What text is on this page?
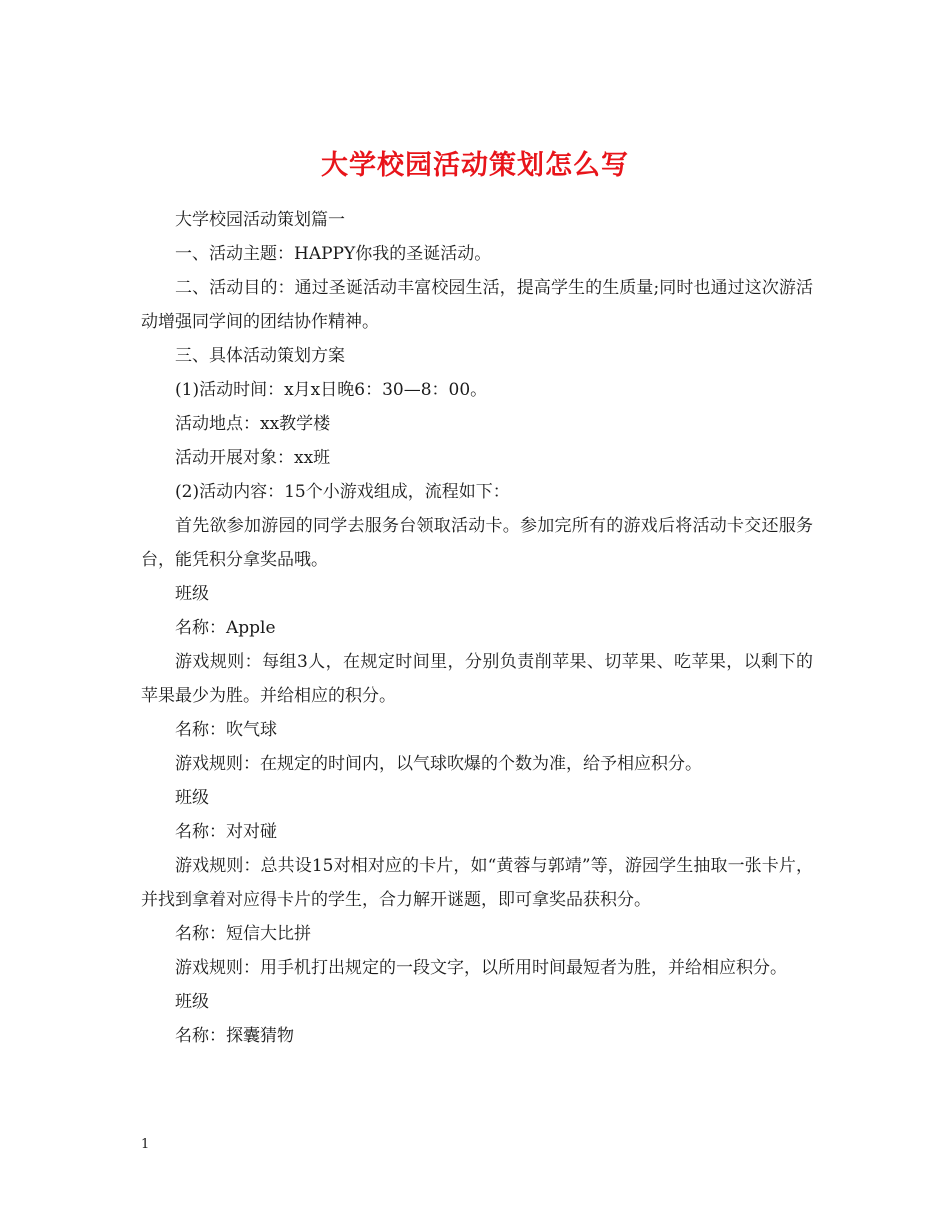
大学校园活动策划怎么写

大学校园活动策划篇一

一、活动主题：HAPPY你我的圣诞活动。

二、活动目的：通过圣诞活动丰富校园生活，提高学生的生质量;同时也通过这次游活动增强同学间的团结协作精神。

三、具体活动策划方案

(1)活动时间：x月x日晚6：30—8：00。

活动地点：xx教学楼

活动开展对象：xx班

(2)活动内容：15个小游戏组成，流程如下：

首先欲参加游园的同学去服务台领取活动卡。参加完所有的游戏后将活动卡交还服务台，能凭积分拿奖品哦。

班级

名称：Apple

游戏规则：每组3人，在规定时间里，分别负责削苹果、切苹果、吃苹果，以剩下的苹果最少为胜。并给相应的积分。

名称：吹气球

游戏规则：在规定的时间内，以气球吹爆的个数为准，给予相应积分。

班级

名称：对对碰

游戏规则：总共设15对相对应的卡片，如“黄蓉与郭靖”等，游园学生抽取一张卡片，并找到拿着对应得卡片的学生，合力解开谜题，即可拿奖品获积分。

名称：短信大比拼

游戏规则：用手机打出规定的一段文字，以所用时间最短者为胜，并给相应积分。

班级

名称：探囊猜物

1
